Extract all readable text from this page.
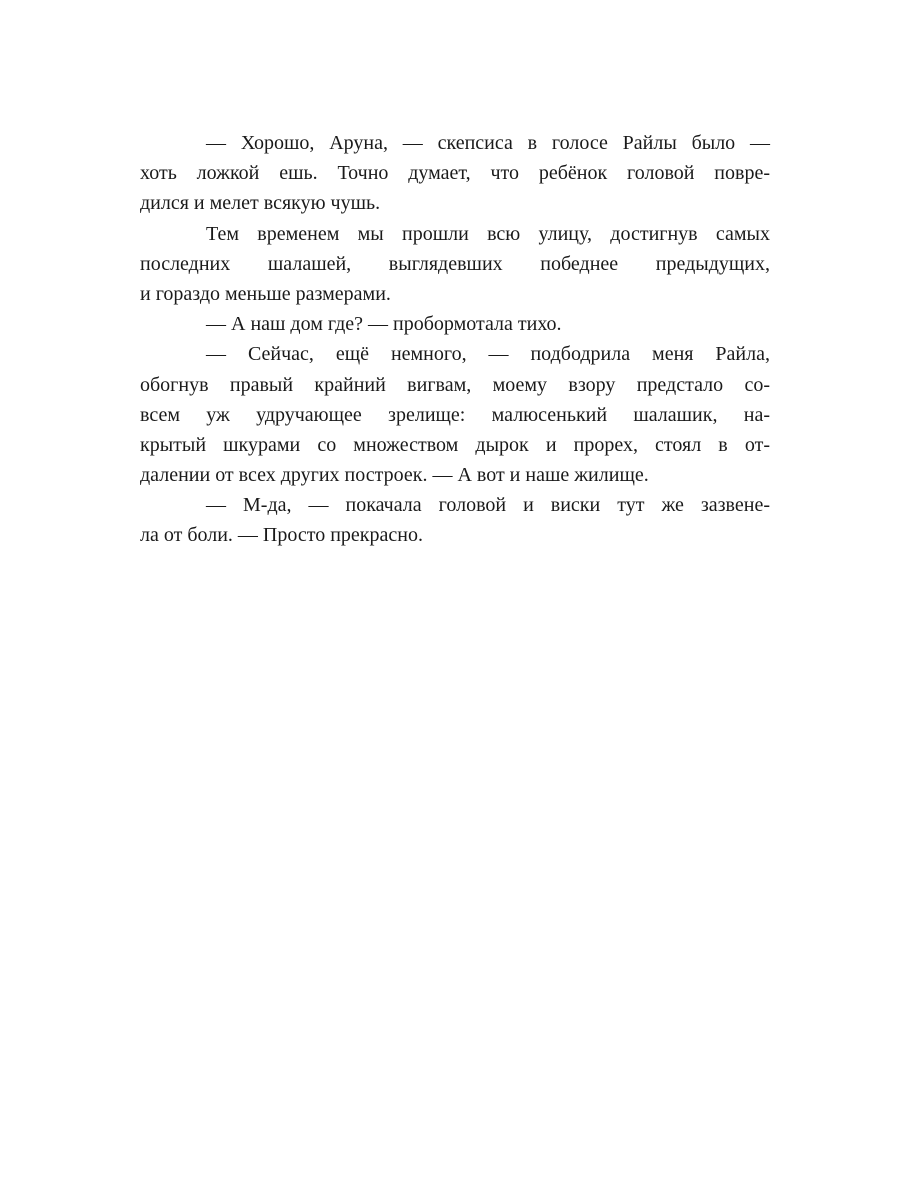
— Хорошо, Аруна, — скепсиса в голосе Райлы было —
хоть ложкой ешь. Точно думает, что ребёнок головой повре-
дился и мелет всякую чушь.

Тем временем мы прошли всю улицу, достигнув самых
последних шалашей, выглядевших победнее предыдущих,
и гораздо меньше размерами.

— А наш дом где? — пробормотала тихо.

— Сейчас, ещё немного, — подбодрила меня Райла,
обогнув правый крайний вигвам, моему взору предстало со-
всем уж удручающее зрелище: малюсенький шалашик, на-
крытый шкурами со множеством дырок и прорех, стоял в от-
далении от всех других построек. — А вот и наше жилище.

— М-да, — покачала головой и виски тут же зазвене-
ла от боли. — Просто прекрасно.
